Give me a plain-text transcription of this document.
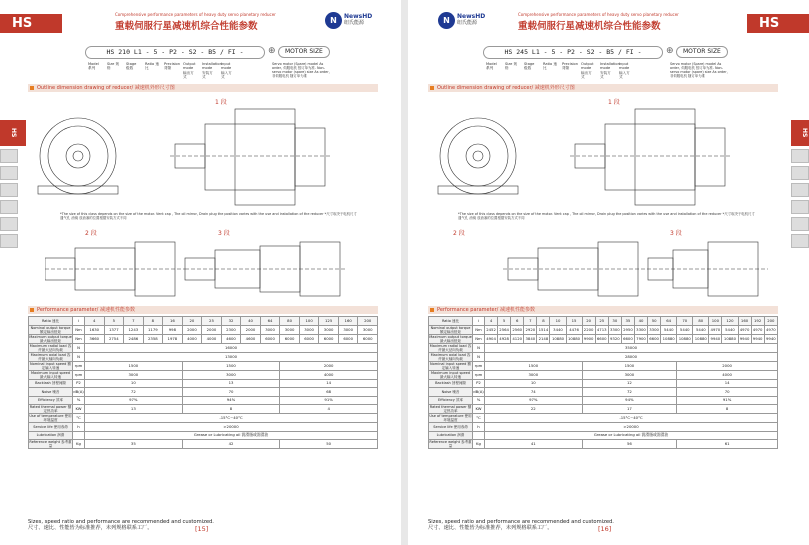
HS 210
Comprehensive performance parameters of heavy duty servo planetary reducer
重载伺服行星减速机综合性能参数
N	NewsHD
纽氏能源
HS 210 L1 - 5 - P2 - S2 - B5 / FI -	⊕	MOTOR SIZE
Model 系列
Size 规格
Stage 级数
Ratio 速比
Precision 背隙
Output mode 输出方式
Installation mode 安装方式
Input mode 输入方式
Servo motor (Spare) model As order, 伺服电机 按订单为准. Non-servo motor (spare) size As order, 非伺服电机 随订单为准
Outline dimension drawing of reducer/ 减速机外形尺寸图
1 段
*The size of this class depends on the size of the motor. Vent cap , The oil mirror, Drain plug the position varies with the use and installation of the reducer *尺寸取决于电机尺寸 通气孔 油镜 放油塞的位置根据安装方式不同
2 段	3 段
Performance parameter/ 减速机性能参数
Ratio 速比	i	4	5	7	8	16	20	25	32	40	64	80	100	125	160	200
Nominal output torque 额定输出扭矩	Nm	1630	1377	1243	1179	998	2000	2000	2300	2000	3000	3000	3000	3000	3000	3000
Maximum output torque 最大输出扭矩	Nm	3660	2754	2486	2358	1978	4000	4000	4600	4600	6000	6000	6000	6000	6000	6000
Maximum radial load 容许最大径向负载	N	16000														
Maximum axial load 容许最大轴向负载	N	13000														
Nominal input speed 额定输入转速	rpm	1500					1500					2000				
Maximum input speed 最大输入转速	rpm	3000					3000					4000				
Backlash 回程间隙	P2	10					13					14				
Noise 噪音	dB(A)	72					70					68				
Efficiency 效率	%	97%					94%					91%				
Rated thermal power 额定热功率	KW	13					8					4				
Use of temperature 使用环境温度	°C	-15°C~40°C														
Service life 使用寿命	h	>20000														
Lubrication 润滑		Grease or Lubricating oil 润滑脂或润滑油														
Reference weight 参考重量	Kg	35					42					50				
Sizes, speed ratio and performance are recommended and customized.
尺寸、速比、性能皆为标准推荐，未列规格联系工厂。	[15]
HS
HS 245
N	NewsHD
纽氏能源
Comprehensive performance parameters of heavy duty servo planetary reducer
重载伺服行星减速机综合性能参数
HS 245 L1 - 5 - P2 - S2 - B5 / FI -	⊕	MOTOR SIZE
Model 系列
Size 规格
Stage 级数
Ratio 速比
Precision 背隙
Output mode 输出方式
Installation mode 安装方式
Input mode 输入方式
Servo motor (Spare) model As order, 伺服电机 按订单为准. Non-servo motor (spare) size As order, 非伺服电机 随订单为准
Outline dimension drawing of reducer/ 减速机外形尺寸图
1 段
*The size of this class depends on the size of the motor. Vent cap , The oil mirror, Drain plug the position varies with the use and installation of the reducer *尺寸取决于电机尺寸 通气孔 油镜 放油塞的位置根据安装方式不同
2 段	3 段
Performance parameter/ 减速机性能参数
Ratio 速比	i	4	5	6	7	8	10	15	20	25	30	35	40	50	64	70	80	100	120	160	192	200
Nominal output torque 额定输出扭矩	Nm	2452	2564	2560	2920	1514	3440	4476	2200	4713	3300	2950	3300	3300	5440	5440	5440	4970	5440	4970	4970	4970
Maximum output torque 最大输出扭矩	Nm	4904	4928	4120	3840	2148	10880	10880	9900	6600	9320	6600	7900	6600	10880	10880	10880	9940	10880	9940	9940	9940
Maximum radial load 容许最大径向负载	N	35000																				
Maximum axial load 容许最大轴向负载	N	28000																				
Nominal input speed 额定输入转速	rpm	1500							1500							2000						
Maximum input speed 最大输入转速	rpm	3000							3000							4000						
Backlash 回程间隙	P2	10							12							14						
Noise 噪音	dB(A)	74							72							70						
Efficiency 效率	%	97%							94%							91%						
Rated thermal power 额定热功率	KW	22							17							8						
Use of temperature 使用环境温度	°C	-15°C~40°C																				
Service life 使用寿命	h	>20000																				
Lubrication 润滑		Grease or Lubricating oil 润滑脂或润滑油																				
Reference weight 参考重量	Kg	41							56							61						
Sizes, speed ratio and performance are recommended and customized.
尺寸、速比、性能皆为标准推荐，未列规格联系工厂。	[16]
HS
